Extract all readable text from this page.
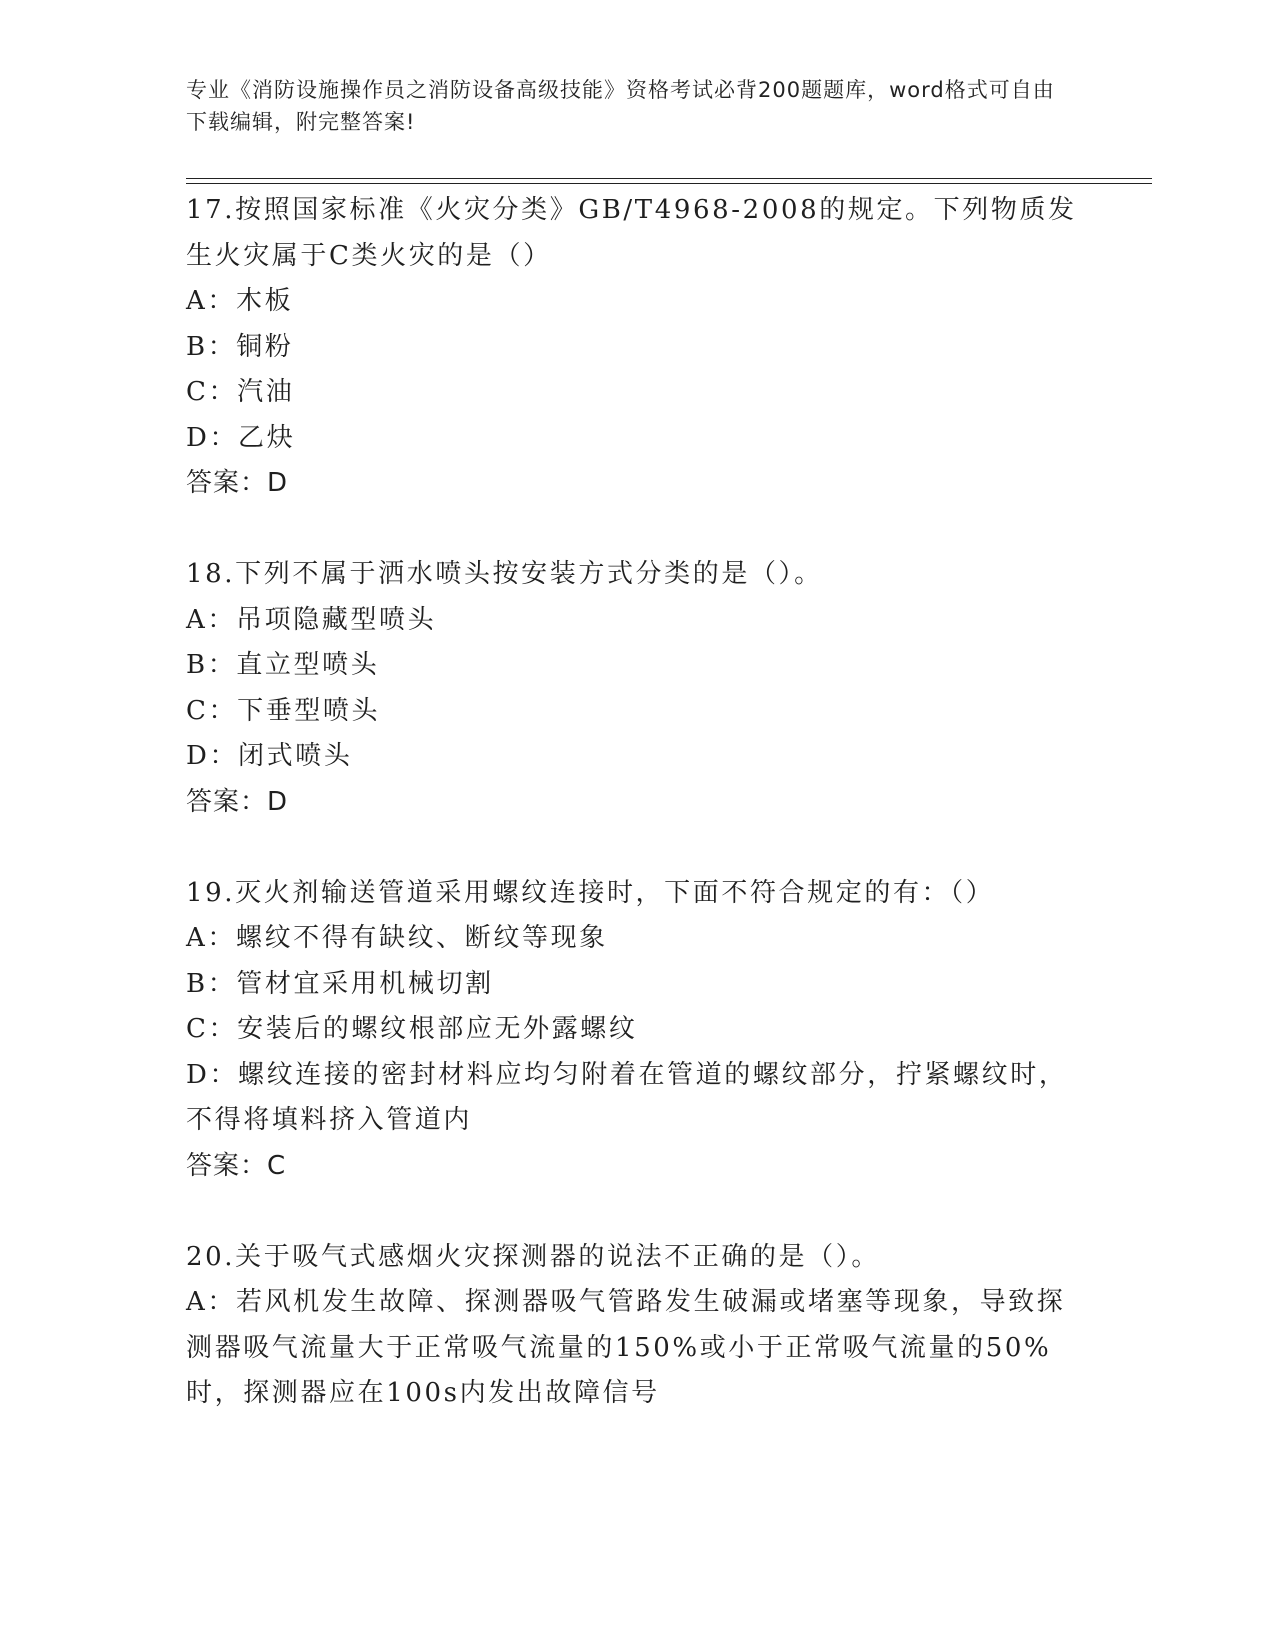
专业《消防设施操作员之消防设备高级技能》资格考试必背200题题库，word格式可自由下载编辑，附完整答案!
17.按照国家标准《火灾分类》GB/T4968-2008的规定。下列物质发生火灾属于C类火灾的是（）
A：木板
B：铜粉
C：汽油
D：乙炔
答案：D
18.下列不属于洒水喷头按安装方式分类的是（）。
A：吊项隐藏型喷头
B：直立型喷头
C：下垂型喷头
D：闭式喷头
答案：D
19.灭火剂输送管道采用螺纹连接时，下面不符合规定的有：（）
A：螺纹不得有缺纹、断纹等现象
B：管材宜采用机械切割
C：安装后的螺纹根部应无外露螺纹
D：螺纹连接的密封材料应均匀附着在管道的螺纹部分，拧紧螺纹时，不得将填料挤入管道内
答案：C
20.关于吸气式感烟火灾探测器的说法不正确的是（）。
A：若风机发生故障、探测器吸气管路发生破漏或堵塞等现象，导致探测器吸气流量大于正常吸气流量的150%或小于正常吸气流量的50%时，探测器应在100s内发出故障信号
